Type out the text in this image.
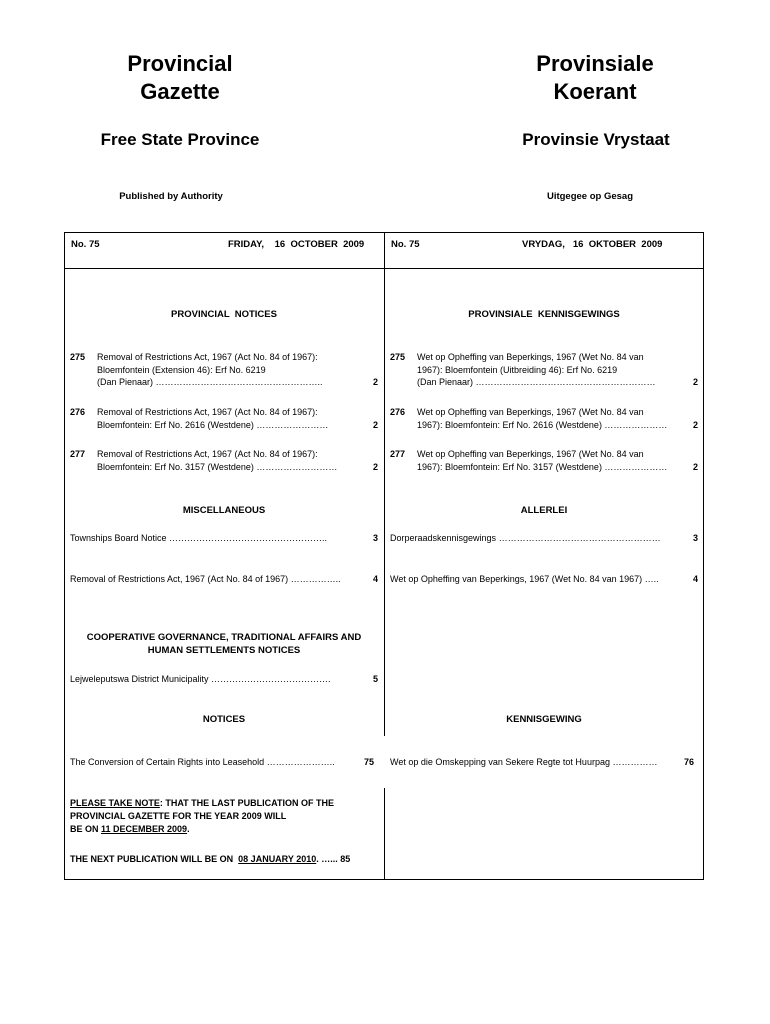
Provincial
Gazette
Provinsiale
Koerant
Free State Province	Provinsie Vrystaat
Published by Authority	Uitgegee op Gesag
No. 75	FRIDAY,    16  OCTOBER  2009	No. 75	VRYDAG,   16  OKTOBER  2009
PROVINCIAL  NOTICES	PROVINSIALE  KENNISGEWINGS
275 Removal of Restrictions Act, 1967 (Act No. 84 of 1967):
Bloemfontein (Extension 46): Erf No. 6219
(Dan Pienaar) ………………………………………………..	2
276 Removal of Restrictions Act, 1967 (Act No. 84 of 1967):
Bloemfontein: Erf No. 2616 (Westdene) ……………………	2
277 Removal of Restrictions Act, 1967 (Act No. 84 of 1967):
Bloemfontein: Erf No. 3157 (Westdene) ………………………	2
275 Wet op Opheffing van Beperkings, 1967 (Wet No. 84 van
1967): Bloemfontein (Uitbreiding 46): Erf No. 6219
(Dan Pienaar) ……………………………………………………	2
276 Wet op Opheffing van Beperkings, 1967 (Wet No. 84 van
1967): Bloemfontein: Erf No. 2616 (Westdene) …………………	2
277 Wet op Opheffing van Beperkings, 1967 (Wet No. 84 van
1967): Bloemfontein: Erf No. 3157 (Westdene) …………………	2
MISCELLANEOUS	ALLERLEI
Townships Board Notice ……………………………………………..	3 Dorperaadskennisgewings ………………………………………………	3
Removal of Restrictions Act, 1967 (Act No. 84 of 1967) ……………..	4 Wet op Opheffing van Beperkings, 1967 (Wet No. 84 van 1967) …..	4
COOPERATIVE GOVERNANCE, TRADITIONAL AFFAIRS AND
HUMAN SETTLEMENTS NOTICES
Lejweleputswa District Municipality ………………………………….	5
NOTICES	KENNISGEWING
The Conversion of Certain Rights into Leasehold …………………..	75 Wet op die Omskepping van Sekere Regte tot Huurpag ……………	76
PLEASE TAKE NOTE: THAT THE LAST PUBLICATION OF THE
PROVINCIAL GAZETTE FOR THE YEAR 2009 WILL
BE ON 11 DECEMBER 2009.
THE NEXT PUBLICATION WILL BE ON  08 JANUARY 2010. …... 85
